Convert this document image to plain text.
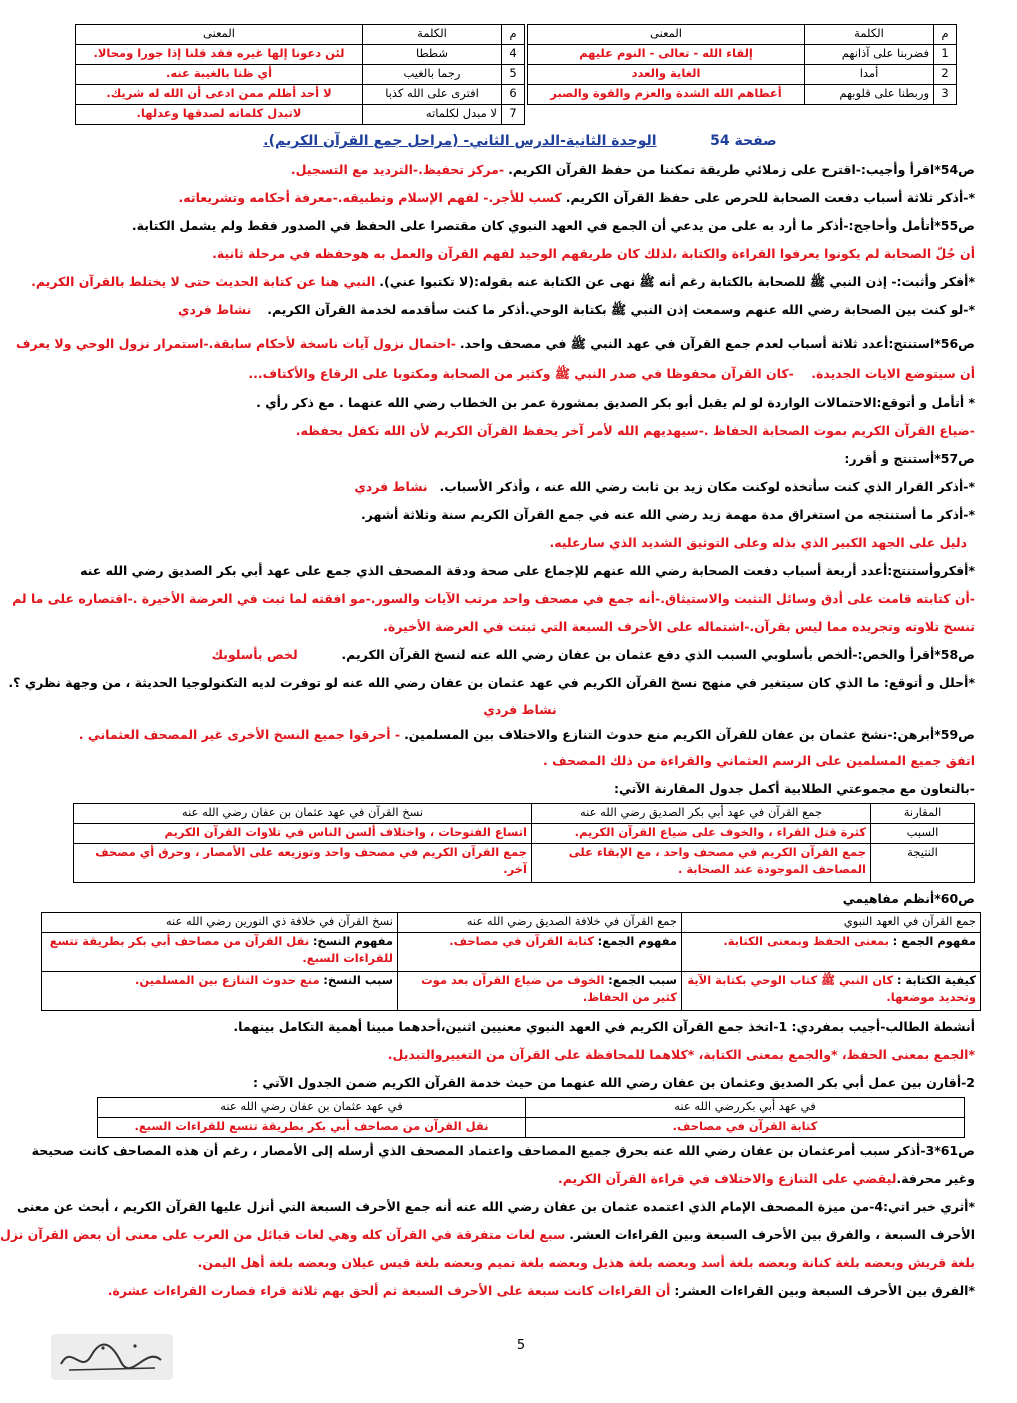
م	الكلمة	المعنى
1	فضربنا على آذانهم	إلقاء الله - تعالى - النوم عليهم
2	أمدا	الغاية والعدد
3	وربطنا على قلوبهم	أعطاهم الله الشدة والعزم والقوة والصبر
م	الكلمة	المعنى
4	شططا	لئن دعونا إلها غيره فقد قلنا إذا جورا ومحالا.
5	رجما بالغيب	أي ظنا بالغيبة عنه.
6	افترى على الله كذبا	لا أحد أظلم ممن ادعى أن الله له شريك.
7	لا مبدل لكلماته	لاتبدل كلماته لصدقها وعدلها.
صفحة 54           الوحدة الثانية-الدرس الثاني- (مراحل جمع القرآن الكريم).
ص54*اقرأ وأجيب:-اقترح على زملائي طريقة تمكننا من حفظ القرآن الكريم. -مركز تحفيظ.-الترديد مع التسجيل.
*-أذكر ثلاثة أسباب دفعت الصحابة للحرص على حفظ القرآن الكريم. كسب للأجر.- لفهم الإسلام وتطبيقه.-معرفة أحكامه وتشريعاته.
ص55*أتأمل وأحاجج:-أذكر ما أرد به على من يدعي أن الجمع في العهد النبوي كان مقتصرا على الحفظ في الصدور فقط ولم يشمل الكتابة.
أن جُلّ الصحابة لم يكونوا يعرفوا القراءة والكتابة ،لذلك كان طريقهم الوحيد لفهم القرآن والعمل به هوحفظه في مرحلة ثانية.
*أفكر وأثبت:- إذن النبي ﷺ للصحابة بالكتابة رغم أنه ﷺ نهى عن الكتابة عنه بقوله:(لا تكتبوا عني). النبي هنا عن كتابة الحديث حتى لا يختلط بالقرآن الكريم.
*-لو كنت بين الصحابة رضي الله عنهم وسمعت إذن النبي ﷺ بكتابة الوحي.أذكر ما كنت سأقدمه لخدمة القرآن الكريم.    نشاط فردي
ص56*استنتج:أعدد ثلاثة أسباب لعدم جمع القرآن في عهد النبي ﷺ في مصحف واحد. -احتمال نزول آيات ناسخة لأحكام سابقة.-استمرار نزول الوحي ولا يعرف
أن سيتوضع الايات الجديدة.    -كان القرآن محفوظا في صدر النبي ﷺ وكثير من الصحابة ومكتوبا على الرقاع والأكتاف...
* أتأمل و أتوقع:الاحتمالات الواردة لو لم يقبل أبو بكر الصديق بمشورة عمر بن الخطاب رضي الله عنهما . مع ذكر رأي .
-ضياع القرآن الكريم بموت الصحابة الحفاظ .-سيهديهم الله لأمر آخر يحفظ القرآن الكريم لأن الله تكفل بحفظه.
ص57*أستنتج و أقرر:
*-أذكر القرار الذي كنت سأتخذه لوكنت مكان زيد بن ثابت رضي الله عنه ، وأذكر الأسباب.   نشاط فردي
*-أذكر ما أستنتجه من استغراق مدة مهمة زيد رضي الله عنه في جمع القرآن الكريم سنة وثلاثة أشهر.
دليل على الجهد الكبير الذي بذله وعلى التوثيق الشديد الذي سارعليه.
*أفكروأستنتج:أعدد أربعة أسباب دفعت الصحابة رضي الله عنهم للإجماع على صحة ودقة المصحف الذي جمع على عهد أبي بكر الصديق رضي الله عنه
-أن كتابته قامت على أدق وسائل التثبت والاستيثاق.-أنه جمع في مصحف واحد مرتب الآيات والسور.-مو افقته لما ثبت في العرضة الأخيرة .-اقتصاره على ما لم
تنسخ تلاوته وتجريده مما ليس بقرآن.-اشتماله على الأحرف السبعة التي ثبتت في العرضة الأخيرة.
ص58*أقرأ والخص:-ألخص بأسلوبي السبب الذي دفع عثمان بن عفان رضي الله عنه لنسخ القرآن الكريم.           لخص بأسلوبك
*أحلل و أتوقع: ما الذي كان سيتغير في منهج نسخ القرآن الكريم في عهد عثمان بن عفان رضي الله عنه لو توفرت لديه التكنولوجيا الحديثة ، من وجهة نظري ؟.
نشاط فردي
ص59*أبرهن:-نشخ عثمان بن عفان للقرآن الكريم منع حدوث التنازع والاختلاف بين المسلمين. - أحرقوا جميع النسخ الأخرى غير المصحف العثماني .
اتفق جميع المسلمين على الرسم العثماني والقراءة من ذلك المصحف .
-بالتعاون مع مجموعتي الطلابية أكمل جدول المقارنة الآتي:
المقارنة	جمع القرآن في عهد أبي بكر الصديق رضي الله عنه	نسخ القرآن في عهد عثمان بن عفان رضي الله عنه
السبب	كثرة قتل القراء ، والخوف على ضياع القرآن الكريم.	اتساع الفتوحات ، واختلاف ألسن الناس في تلاوات القرآن الكريم
النتيجة	جمع القرآن الكريم في مصحف واحد ، مع الإبقاء على المصاحف الموجودة عند الصحابة .	جمع القرآن الكريم في مصحف واحد وتوزيعه على الأمصار ، وحرق أي مصحف آخر.
ص60*أنظم مفاهيمي
جمع القرآن في العهد النبوي	جمع القرآن في خلافة الصديق رضي الله عنه	نسخ القرآن في خلافة ذي النورين رضي الله عنه
مفهوم الجمع : بمعنى الحفظ وبمعنى الكتابة.	مفهوم الجمع: كتابة القرآن في مصاحف.	مفهوم النسخ: نقل القرآن من مصاحف أبي بكر بطريقة تتسع للقراءات السبع.
كيفية الكتابة : كان النبي ﷺ كتاب الوحي بكتابة الآية وتحديد موضعها.	سبب الجمع: الخوف من ضياع القرآن بعد موت كثير من الحفاظ.	سبب النسخ: منع حدوث التنازع بين المسلمين.
أنشطة الطالب-أجيب بمفردي: 1-اتخذ جمع القرآن الكريم في العهد النبوي معنيين اثنين،أحدهما مبينا أهمية التكامل بينهما.
*الجمع بمعنى الحفظ، *والجمع بمعنى الكتابة، *كلاهما للمحافظة على القرآن من التغييروالتبديل.
2-أقارن بين عمل أبي بكر الصديق وعثمان بن عفان رضي الله عنهما من حيث خدمة القرآن الكريم ضمن الجدول الآتي :
في عهد أبي بكررضي الله عنه	في عهد عثمان بن عفان رضي الله عنه
كتابة القرآن في مصاحف.	نقل القرآن من مصاحف أبي بكر بطريقة تتسع للقراءات السبع.
ص61*3-أذكر سبب أمرعثمان بن عفان رضي الله عنه بحرق جميع المصاحف واعتماد المصحف الذي أرسله إلى الأمصار ، رغم أن هذه المصاحف كانت صحيحة
وغير محرفة.ليقضي على التنازع والاختلاف في قراءة القرآن الكريم.
*أثري خبر اتي:4-من ميزة المصحف الإمام الذي اعتمده عثمان بن عفان رضي الله عنه أنه جمع الأحرف السبعة التي أنزل عليها القرآن الكريم ، أبحث عن معنى
الأحرف السبعة ، والفرق بين الأحرف السبعة وبين القراءات العشر. سبع لغات متفرقة في القرآن كله وهي لغات قبائل من العرب على معنى أن بعض القرآن نزل
بلغة قريش وبعضه بلغة كنانة وبعضه بلغة أسد وبعضه بلغة هذيل وبعضه بلغة تميم وبعضه بلغة قيس عيلان وبعضه بلغة أهل اليمن.
*الفرق بين الأحرف السبعة وبين القراءات العشر: أن القراءات كانت سبعة على الأحرف السبعة ثم ألحق بهم ثلاثة قراء فصارت القراءات عشرة.
5
